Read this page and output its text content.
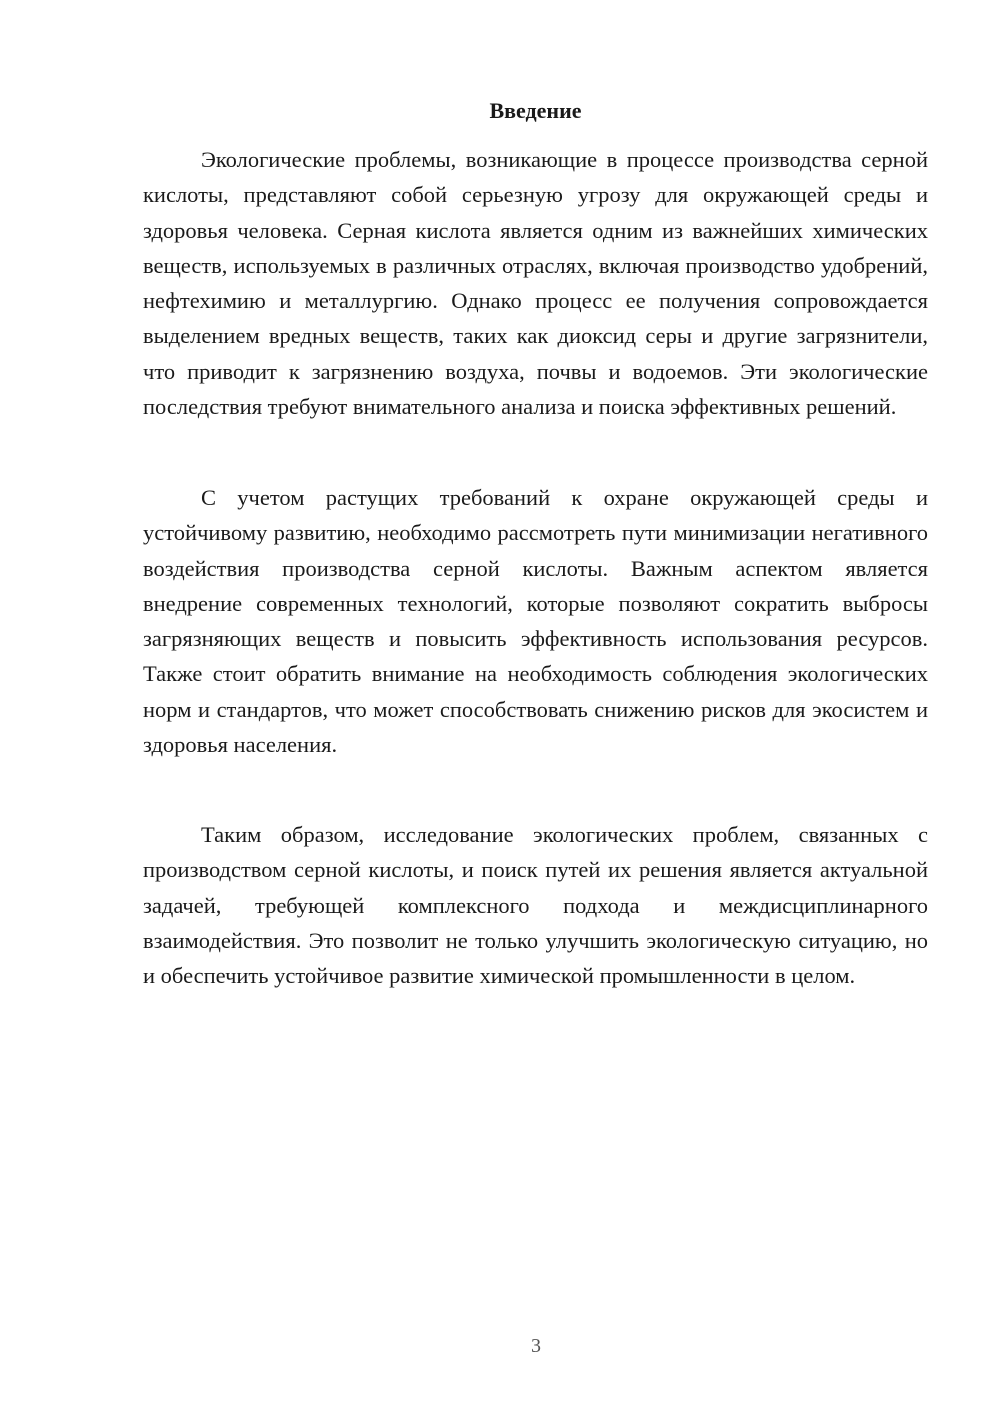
Введение

Экологические проблемы, возникающие в процессе производства серной кислоты, представляют собой серьезную угрозу для окружающей среды и здоровья человека. Серная кислота является одним из важнейших химических веществ, используемых в различных отраслях, включая производство удобрений, нефтехимию и металлургию. Однако процесс ее получения сопровождается выделением вредных веществ, таких как диоксид серы и другие загрязнители, что приводит к загрязнению воздуха, почвы и водоемов. Эти экологические последствия требуют внимательного анализа и поиска эффективных решений.

С учетом растущих требований к охране окружающей среды и устойчивому развитию, необходимо рассмотреть пути минимизации негативного воздействия производства серной кислоты. Важным аспектом является внедрение современных технологий, которые позволяют сократить выбросы загрязняющих веществ и повысить эффективность использования ресурсов. Также стоит обратить внимание на необходимость соблюдения экологических норм и стандартов, что может способствовать снижению рисков для экосистем и здоровья населения.

Таким образом, исследование экологических проблем, связанных с производством серной кислоты, и поиск путей их решения является актуальной задачей, требующей комплексного подхода и междисциплинарного взаимодействия. Это позволит не только улучшить экологическую ситуацию, но и обеспечить устойчивое развитие химической промышленности в целом.

3
